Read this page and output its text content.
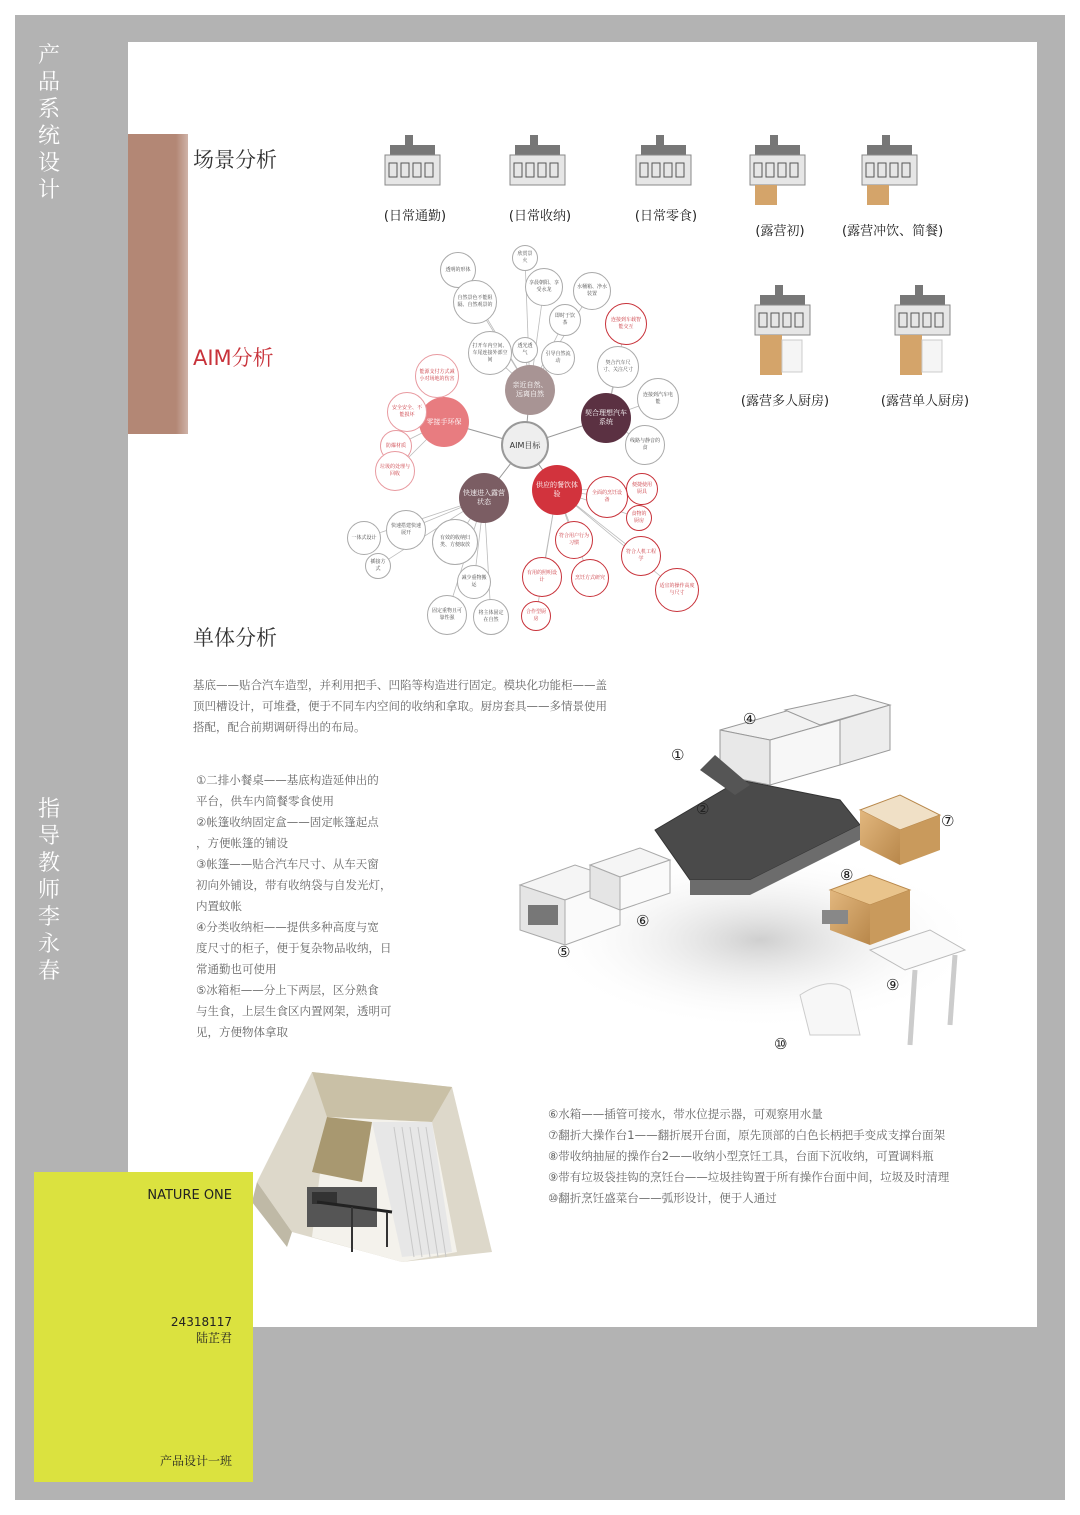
产
品
系
统
设
计
指
导
教
师
李
永
春
场景分析
AIM分析
单体分析
(日常通勤)	(日常收纳)	(日常零食)
(露营初)	(露营冲饮、简餐)
(露营多人厨房)	(露营单人厨房)
AIM目标
亲近自然、 远离自然
契合理想汽车系统
供应的餐饮体验
快速进入露营状态
零接手环保
欣赏景火
透明的形体
享晨朝阳、享受水龙	水桶箱、净水装置
自然景色不能阻隔、自然观景的
即时于饮茶	连接到车载智能交互
打开车内空间、车尾连接外部空间
透光透气	引导自然流动	契合汽车尺寸、关注尺寸
连接到汽车电能
能源支付方式减小对场地的伤害
安全安全、不能损坏
防爆材质
垃圾的处理与回收
线路与静音的食
便捷使用厨具
全面的烹饪设备
食物的厨房
一体式设计
快速搭建快速展开
有效的收纳归类、方便取放
插接方式
符合用户行为习惯
符合人机工程学
有用的照明设计	烹饪方式研究
适宜的操作高度与尺寸
减少重物搬运
固定重物且可靠性强
将主体固定在自然
合作型厨房
基底——贴合汽车造型，并利用把手、凹陷等构造进行固定。模块化功能柜——盖顶凹槽设计，可堆叠，便于不同车内空间的收纳和拿取。厨房套具——多情景使用搭配，配合前期调研得出的布局。
①二排小餐桌——基底构造延伸出的
平台，供车内简餐零食使用
②帐篷收纳固定盒——固定帐篷起点
，方便帐篷的铺设
③帐篷——贴合汽车尺寸、从车天窗
初向外铺设，带有收纳袋与自发光灯，
内置蚊帐
④分类收纳柜——提供多种高度与宽
度尺寸的柜子，便于复杂物品收纳，日
常通勤也可使用
⑤冰箱柜——分上下两层，区分熟食
与生食，上层生食区内置网架，透明可
见，方便物体拿取
⑥水箱——插管可接水，带水位提示器，可观察用水量
⑦翻折大操作台1——翻折展开台面，原先顶部的白色长柄把手变成支撑台面架
⑧带收纳抽屉的操作台2——收纳小型烹饪工具，台面下沉收纳，可置调料瓶
⑨带有垃圾袋挂钩的烹饪台——垃圾挂钩置于所有操作台面中间，垃圾及时清理
⑩翻折烹饪盛菜台——弧形设计，便于人通过
①
②
④
⑤
⑥
⑦
⑧
⑨
⑩
NATURE ONE
24318117
陆芷君
产品设计一班
